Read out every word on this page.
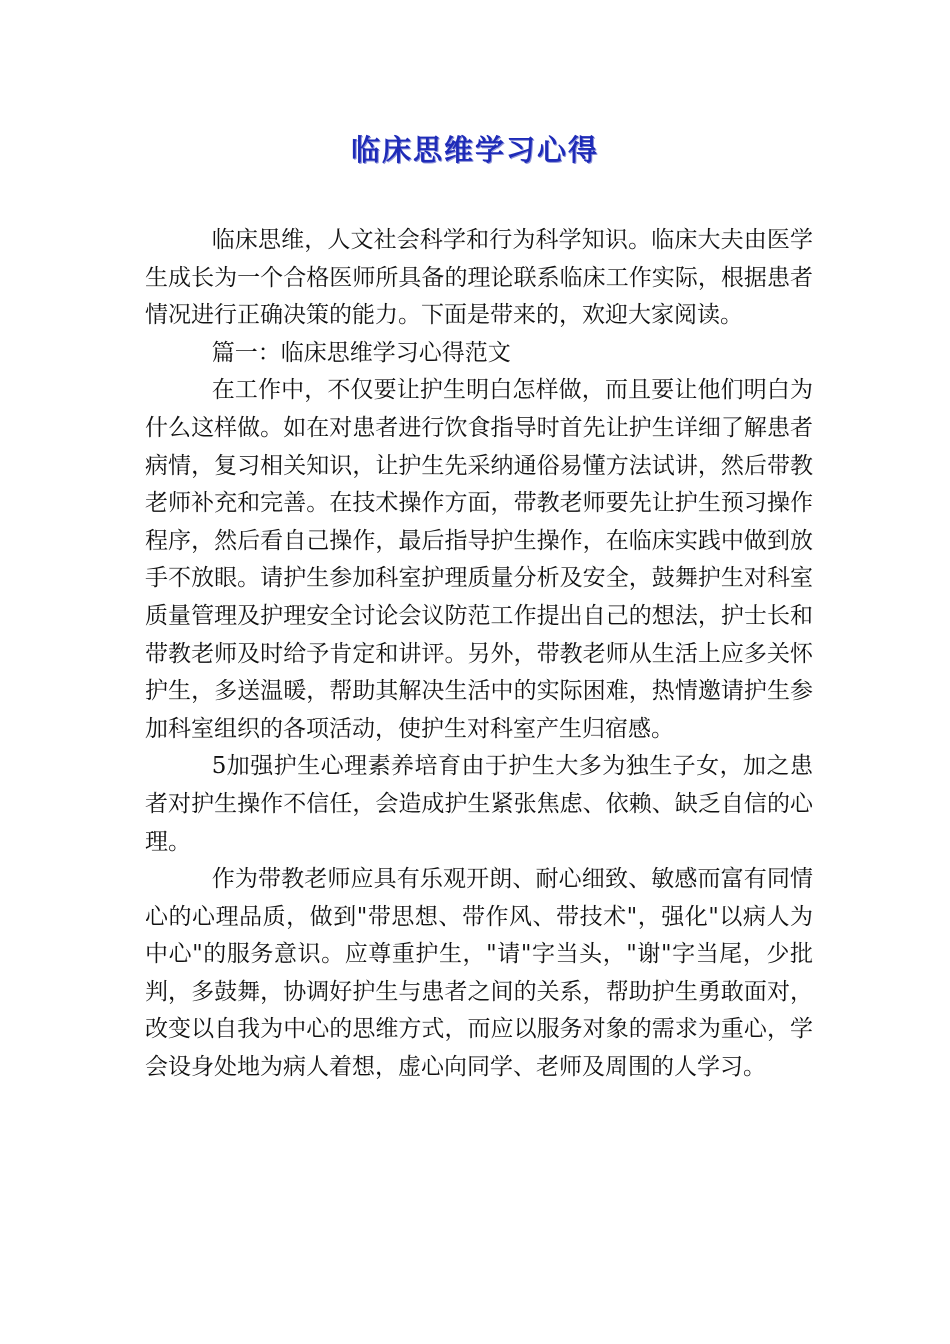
临床思维学习心得

临床思维，人文社会科学和行为科学知识。临床大夫由医学生成长为一个合格医师所具备的理论联系临床工作实际，根据患者情况进行正确决策的能力。下面是带来的，欢迎大家阅读。

篇一：临床思维学习心得范文

在工作中，不仅要让护生明白怎样做，而且要让他们明白为什么这样做。如在对患者进行饮食指导时首先让护生详细了解患者病情，复习相关知识，让护生先采纳通俗易懂方法试讲，然后带教老师补充和完善。在技术操作方面，带教老师要先让护生预习操作程序，然后看自己操作，最后指导护生操作，在临床实践中做到放手不放眼。请护生参加科室护理质量分析及安全，鼓舞护生对科室质量管理及护理安全讨论会议防范工作提出自己的想法，护士长和带教老师及时给予肯定和讲评。另外，带教老师从生活上应多关怀护生，多送温暖，帮助其解决生活中的实际困难，热情邀请护生参加科室组织的各项活动，使护生对科室产生归宿感。

5加强护生心理素养培育由于护生大多为独生子女，加之患者对护生操作不信任，会造成护生紧张焦虑、依赖、缺乏自信的心理。

作为带教老师应具有乐观开朗、耐心细致、敏感而富有同情心的心理品质，做到"带思想、带作风、带技术"，强化"以病人为中心"的服务意识。应尊重护生，"请"字当头，"谢"字当尾，少批判，多鼓舞，协调好护生与患者之间的关系，帮助护生勇敢面对，改变以自我为中心的思维方式，而应以服务对象的需求为重心，学会设身处地为病人着想，虚心向同学、老师及周围的人学习。
